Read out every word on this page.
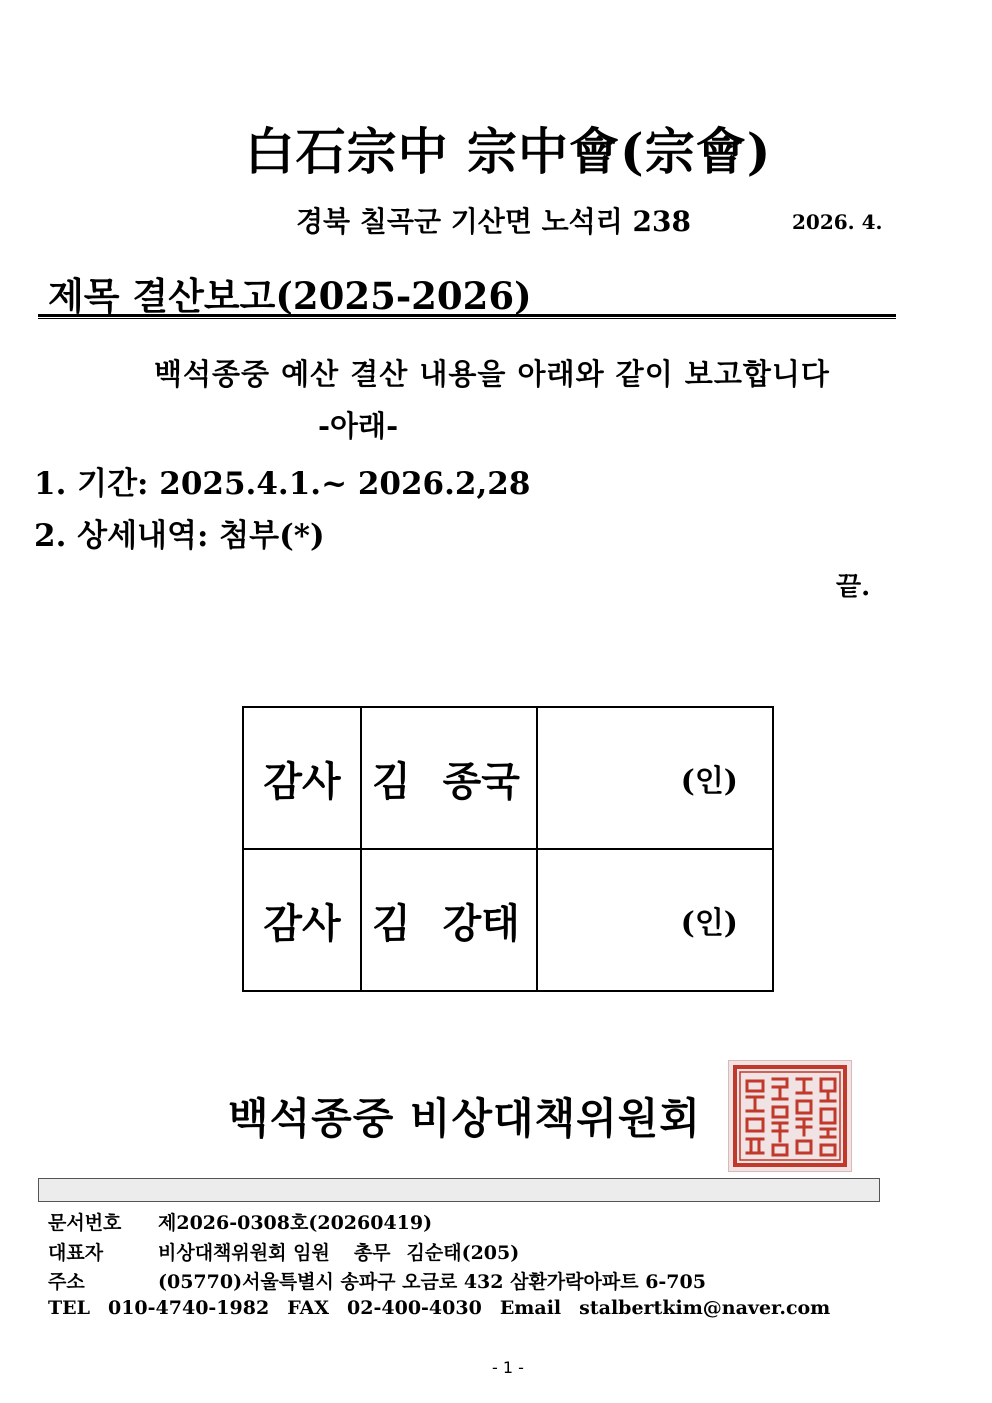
白石宗中 宗中會(宗會)
경북 칠곡군 기산면 노석리 238	2026. 4.
제목 결산보고(2025-2026)
백석종중 예산 결산 내용을 아래와 같이 보고합니다
-아래-
1. 기간: 2025.4.1.~ 2026.2,28
2. 상세내역: 첨부(*)
끝.
감사	김 종국	(인)
감사	김 강태	(인)
백석종중 비상대책위원회
문서번호 제2026-0308호(20260419)
대표자	비상대책위원회 임원 총무 김순태(205)
주소	(05770)서울특별시 송파구 오금로 432 삼환가락아파트 6-705
TEL 010-4740-1982 FAX 02-400-4030 Email stalbertkim@naver.com
- 1 -
